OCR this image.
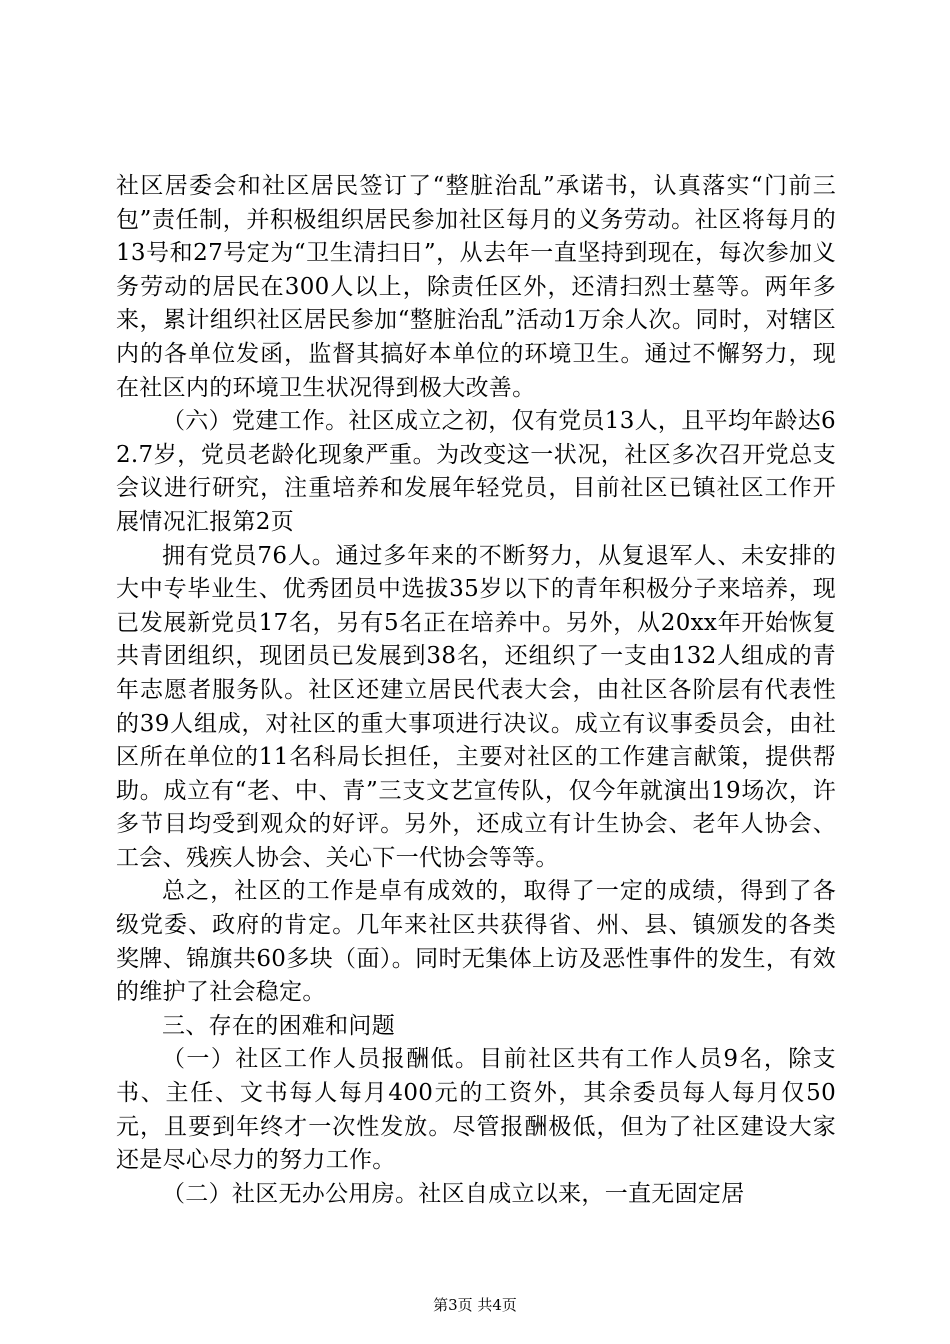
社区居委会和社区居民签订了“整脏治乱”承诺书，认真落实“门前三包”责任制，并积极组织居民参加社区每月的义务劳动。社区将每月的13号和27号定为“卫生清扫日”，从去年一直坚持到现在，每次参加义务劳动的居民在300人以上，除责任区外，还清扫烈士墓等。两年多来，累计组织社区居民参加“整脏治乱”活动1万余人次。同时，对辖区内的各单位发函，监督其搞好本单位的环境卫生。通过不懈努力，现在社区内的环境卫生状况得到极大改善。

（六）党建工作。社区成立之初，仅有党员13人，且平均年龄达62.7岁，党员老龄化现象严重。为改变这一状况，社区多次召开党总支会议进行研究，注重培养和发展年轻党员，目前社区已镇社区工作开展情况汇报第2页

拥有党员76人。通过多年来的不断努力，从复退军人、未安排的大中专毕业生、优秀团员中选拔35岁以下的青年积极分子来培养，现已发展新党员17名，另有5名正在培养中。另外，从20xx年开始恢复共青团组织，现团员已发展到38名，还组织了一支由132人组成的青年志愿者服务队。社区还建立居民代表大会，由社区各阶层有代表性的39人组成，对社区的重大事项进行决议。成立有议事委员会，由社区所在单位的11名科局长担任，主要对社区的工作建言献策，提供帮助。成立有“老、中、青”三支文艺宣传队，仅今年就演出19场次，许多节目均受到观众的好评。另外，还成立有计生协会、老年人协会、工会、残疾人协会、关心下一代协会等等。

总之，社区的工作是卓有成效的，取得了一定的成绩，得到了各级党委、政府的肯定。几年来社区共获得省、州、县、镇颁发的各类奖牌、锦旗共60多块（面）。同时无集体上访及恶性事件的发生，有效的维护了社会稳定。

三、存在的困难和问题

（一）社区工作人员报酬低。目前社区共有工作人员9名，除支书、主任、文书每人每月400元的工资外，其余委员每人每月仅50元，且要到年终才一次性发放。尽管报酬极低，但为了社区建设大家还是尽心尽力的努力工作。

（二）社区无办公用房。社区自成立以来，一直无固定居

第3页 共4页
